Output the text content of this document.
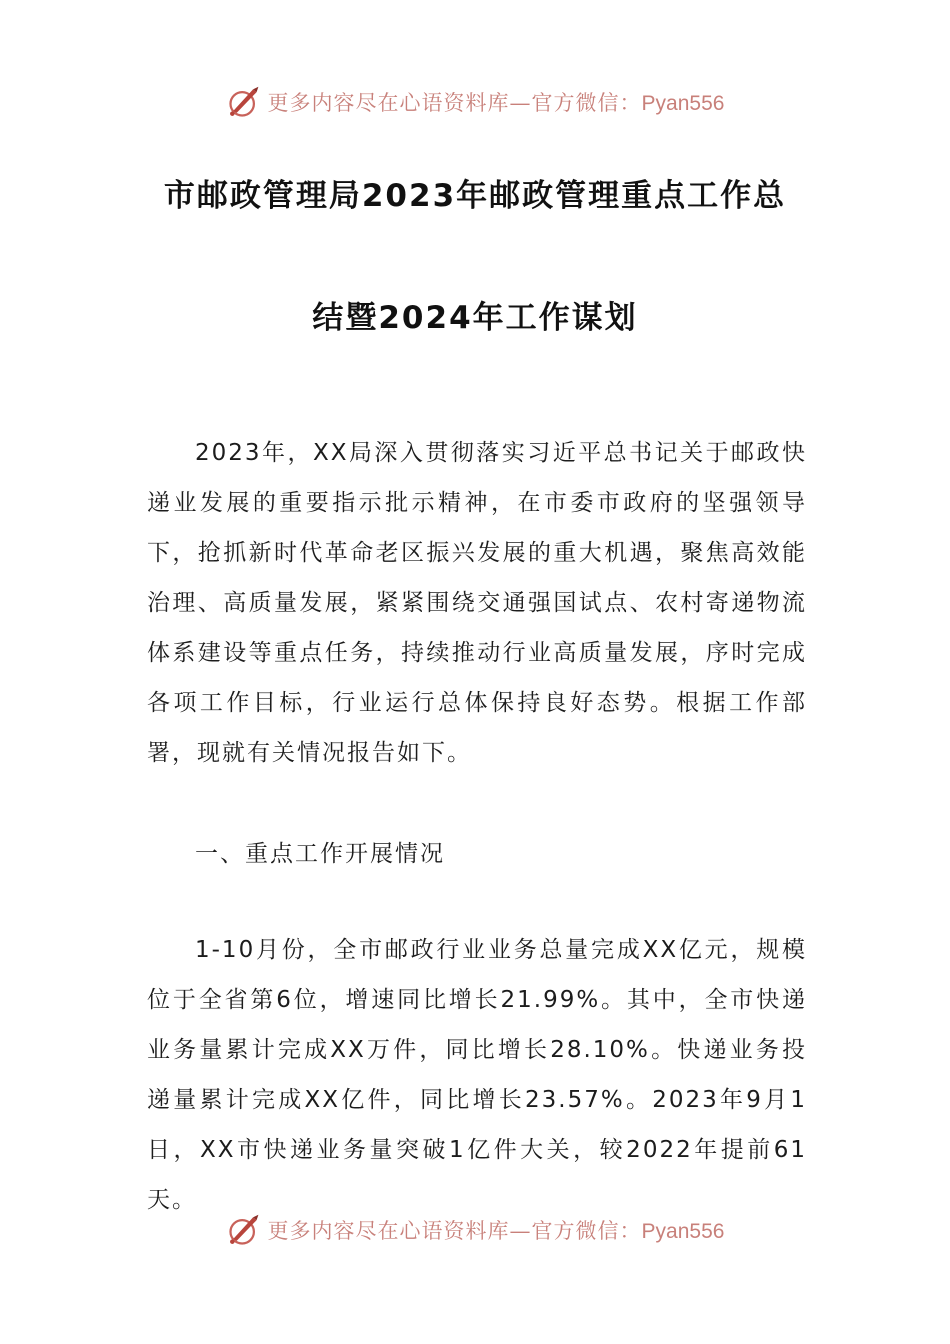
更多内容尽在心语资料库—官方微信：Pyan556
市邮政管理局2023年邮政管理重点工作总
结暨2024年工作谋划

2023年，XX局深入贯彻落实习近平总书记关于邮政快递业发展的重要指示批示精神，在市委市政府的坚强领导下，抢抓新时代革命老区振兴发展的重大机遇，聚焦高效能治理、高质量发展，紧紧围绕交通强国试点、农村寄递物流体系建设等重点任务，持续推动行业高质量发展，序时完成各项工作目标，行业运行总体保持良好态势。根据工作部署，现就有关情况报告如下。

一、重点工作开展情况

1-10月份，全市邮政行业业务总量完成XX亿元，规模位于全省第6位，增速同比增长21.99%。其中，全市快递业务量累计完成XX万件，同比增长28.10%。快递业务投递量累计完成XX亿件，同比增长23.57%。2023年9月1日，XX市快递业务量突破1亿件大关，较2022年提前61天。

更多内容尽在心语资料库—官方微信：Pyan556
